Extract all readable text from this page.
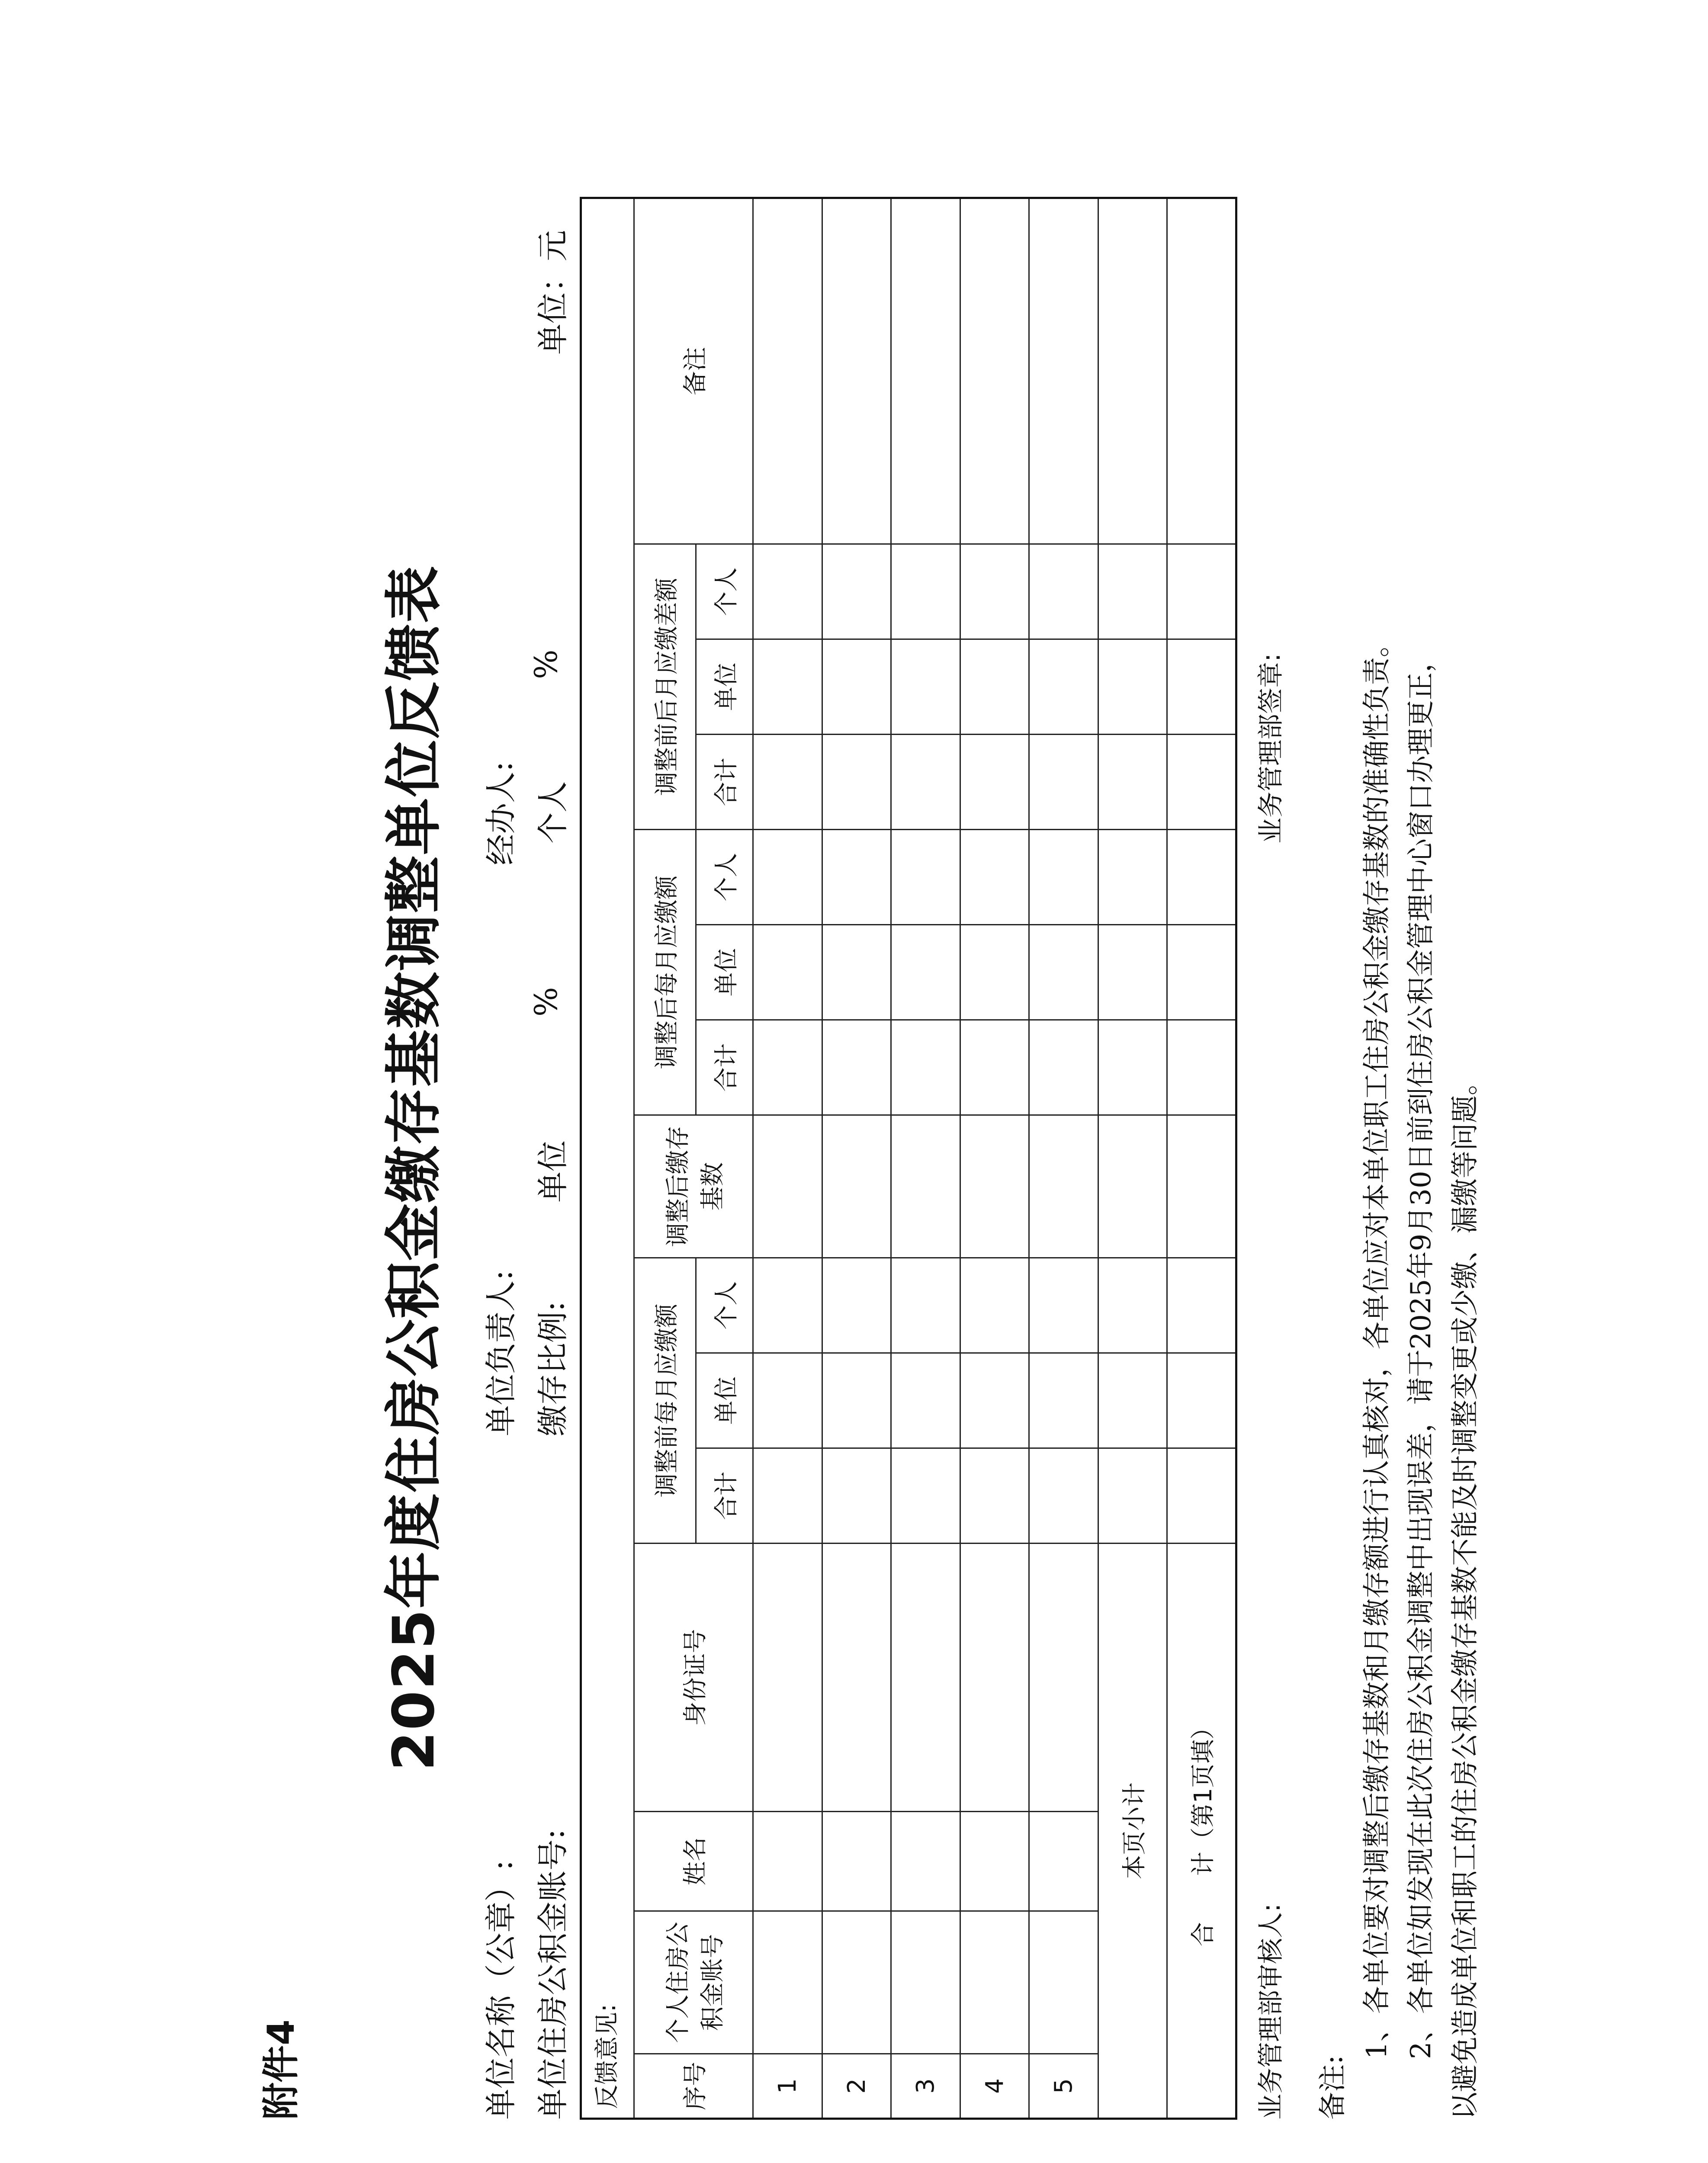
附件4
2025年度住房公积金缴存基数调整单位反馈表
单位名称（公章）:
单位负责人:
经办人:
单位住房公积金账号:
缴存比例:
单位
%
个人
%
单位：元
反馈意见:														
序号	个人住房公积金账号	姓名	身份证号	调整前每月应缴额			调整后缴存基数	调整后每月应缴额			调整前后月应缴差额			备注
				合计	单位	个人		合计	单位	个人	合计	单位	个人	
1														
2														
3														
4														
5														
本页小计														
合      计（第1页填）														
业务管理部审核人:
业务管理部签章:

备注:

1、各单位要对调整后缴存基数和月缴存额进行认真核对，各单位应对本单位职工住房公积金缴存基数的准确性负责。 2、各单位如发现在此次住房公积金调整中出现误差，请于2025年9月30日前到住房公积金管理中心窗口办理更正， 以避免造成单位和职工的住房公积金缴存基数不能及时调整变更或少缴、漏缴等问题。
